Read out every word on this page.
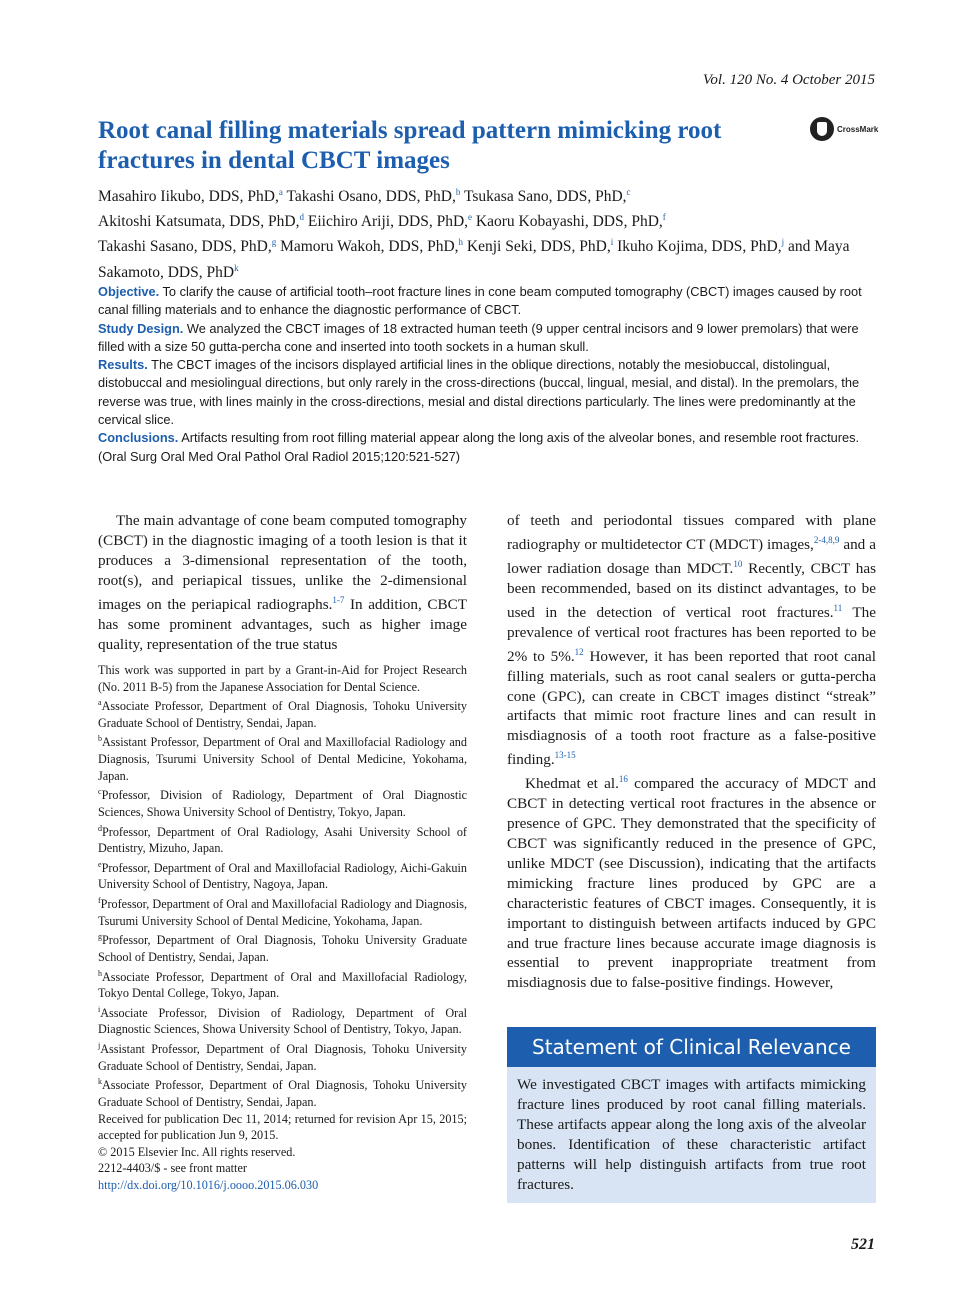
Vol. 120 No. 4 October 2015
Root canal filling materials spread pattern mimicking root fractures in dental CBCT images
CrossMark
Masahiro Iikubo, DDS, PhD,$^a$ Takashi Osano, DDS, PhD,$^b$ Tsukasa Sano, DDS, PhD,$^c$
Akitoshi Katsumata, DDS, PhD,$^d$ Eiichiro Ariji, DDS, PhD,$^e$ Kaoru Kobayashi, DDS, PhD,$^f$
Takashi Sasano, DDS, PhD,$^g$ Mamoru Wakoh, DDS, PhD,$^h$ Kenji Seki, DDS, PhD,$^i$ Ikuho Kojima, DDS, PhD,$^j$ and Maya Sakamoto, DDS, PhD$^k$

Objective. To clarify the cause of artificial tooth–root fracture lines in cone beam computed tomography (CBCT) images caused by root canal filling materials and to enhance the diagnostic performance of CBCT.

Study Design. We analyzed the CBCT images of 18 extracted human teeth (9 upper central incisors and 9 lower premolars) that were filled with a size 50 gutta-percha cone and inserted into tooth sockets in a human skull.

Results. The CBCT images of the incisors displayed artificial lines in the oblique directions, notably the mesiobuccal, distolingual, distobuccal and mesiolingual directions, but only rarely in the cross-directions (buccal, lingual, mesial, and distal). In the premolars, the reverse was true, with lines mainly in the cross-directions, mesial and distal directions particularly. The lines were predominantly at the cervical slice.

Conclusions. Artifacts resulting from root filling material appear along the long axis of the alveolar bones, and resemble root fractures. (Oral Surg Oral Med Oral Pathol Oral Radiol 2015;120:521-527)

The main advantage of cone beam computed tomography (CBCT) in the diagnostic imaging of a tooth lesion is that it produces a 3-dimensional representation of the tooth, root(s), and periapical tissues, unlike the 2-dimensional images on the periapical radiographs.$^{1-7}$ In addition, CBCT has some prominent advantages, such as higher image quality, representation of the true status

This work was supported in part by a Grant-in-Aid for Project Research (No. 2011 B-5) from the Japanese Association for Dental Science.

$^a$Associate Professor, Department of Oral Diagnosis, Tohoku University Graduate School of Dentistry, Sendai, Japan.

$^b$Assistant Professor, Department of Oral and Maxillofacial Radiology and Diagnosis, Tsurumi University School of Dental Medicine, Yokohama, Japan.

$^c$Professor, Division of Radiology, Department of Oral Diagnostic Sciences, Showa University School of Dentistry, Tokyo, Japan.

$^d$Professor, Department of Oral Radiology, Asahi University School of Dentistry, Mizuho, Japan.

$^e$Professor, Department of Oral and Maxillofacial Radiology, Aichi-Gakuin University School of Dentistry, Nagoya, Japan.

$^f$Professor, Department of Oral and Maxillofacial Radiology and Diagnosis, Tsurumi University School of Dental Medicine, Yokohama, Japan.

$^g$Professor, Department of Oral Diagnosis, Tohoku University Graduate School of Dentistry, Sendai, Japan.

$^h$Associate Professor, Department of Oral and Maxillofacial Radiology, Tokyo Dental College, Tokyo, Japan.

$^i$Associate Professor, Division of Radiology, Department of Oral Diagnostic Sciences, Showa University School of Dentistry, Tokyo, Japan.

$^j$Assistant Professor, Department of Oral Diagnosis, Tohoku University Graduate School of Dentistry, Sendai, Japan.

$^k$Associate Professor, Department of Oral Diagnosis, Tohoku University Graduate School of Dentistry, Sendai, Japan.

Received for publication Dec 11, 2014; returned for revision Apr 15, 2015; accepted for publication Jun 9, 2015.

© 2015 Elsevier Inc. All rights reserved.

2212-4403/$ - see front matter

http://dx.doi.org/10.1016/j.oooo.2015.06.030

of teeth and periodontal tissues compared with plane radiography or multidetector CT (MDCT) images,$^{2-4,8,9}$ and a lower radiation dosage than MDCT.$^{10}$ Recently, CBCT has been recommended, based on its distinct advantages, to be used in the detection of vertical root fractures.$^{11}$ The prevalence of vertical root fractures has been reported to be 2% to 5%.$^{12}$ However, it has been reported that root canal filling materials, such as root canal sealers or gutta-percha cone (GPC), can create in CBCT images distinct “streak” artifacts that mimic root fracture lines and can result in misdiagnosis of a tooth root fracture as a false-positive finding.$^{13-15}$

Khedmat et al.$^{16}$ compared the accuracy of MDCT and CBCT in detecting vertical root fractures in the absence or presence of GPC. They demonstrated that the specificity of CBCT was significantly reduced in the presence of GPC, unlike MDCT (see Discussion), indicating that the artifacts mimicking fracture lines produced by GPC are a characteristic features of CBCT images. Consequently, it is important to distinguish between artifacts induced by GPC and true fracture lines because accurate image diagnosis is essential to prevent inappropriate treatment from misdiagnosis due to false-positive findings. However,

Statement of Clinical Relevance
We investigated CBCT images with artifacts mimicking fracture lines produced by root canal filling materials. These artifacts appear along the long axis of the alveolar bones. Identification of these characteristic artifact patterns will help distinguish artifacts from true root fractures.
521
